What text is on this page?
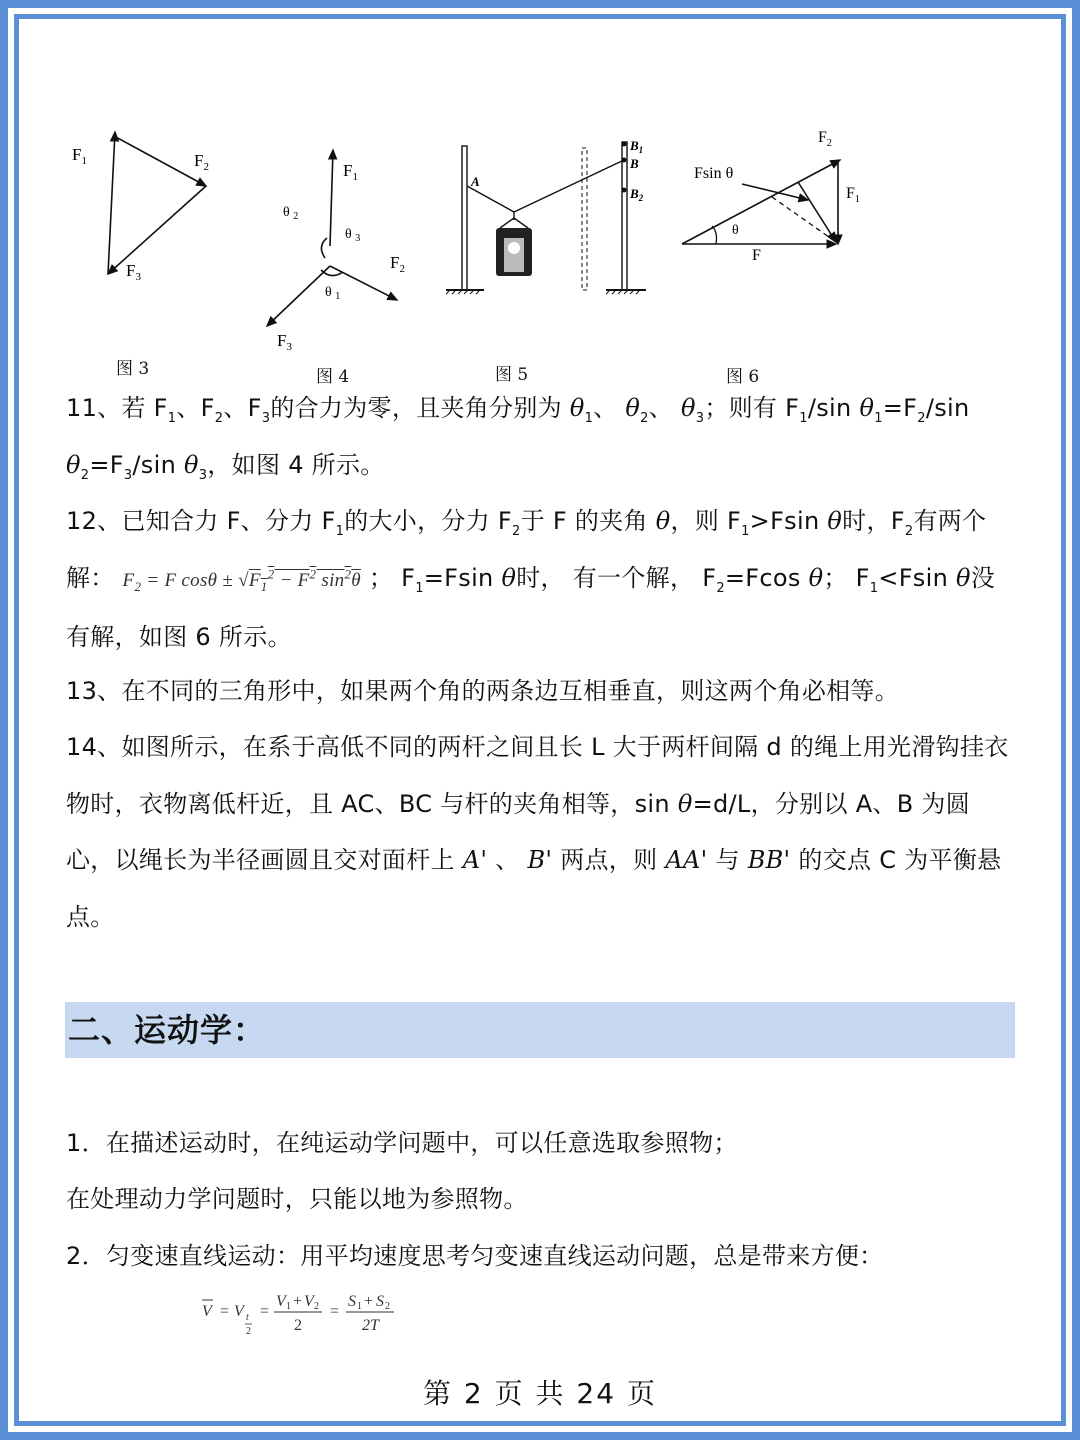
$F_1$	$F_2$
$F_3$
图 3
$F_1$
$F_2$
$F_3$
θ $_2$
θ $_3$
θ $_1$
图 4
A
$B_1$
B
$B_2$
图 5
θ
F
$F_1$
$F_2$
Fsin θ
图 6
11、若 $F_1$、$F_2$、$F_3$的合力为零，且夹角分别为 $\theta_1$、 $\theta_2$、 $\theta_3$；则有 $F_1/\sin$ $\theta_1=F_2/\sin$ $\theta_2=F_3/\sin$ $\theta_3$，如图 4 所示。
12、已知合力 F、分力 $F_1$的大小，分力 $F_2$于 F 的夹角 θ，则 $F_1>Fsin$ θ时，$F_2$有两个解： $F_2 = F$ $\cos\theta \pm √F_1^2 - F^2$ $\sin^2\theta$ ； $F_1=Fsin$ θ时， 有一个解， $F_2=Fcos$ θ； $F_1<Fsin$ θ没有解，如图 6 所示。
13、在不同的三角形中，如果两个角的两条边互相垂直，则这两个角必相等。
14、如图所示，在系于高低不同的两杆之间且长 L 大于两杆间隔 d 的绳上用光滑钩挂衣物时，衣物离低杆近，且 AC、BC 与杆的夹角相等，sin θ=d/L，分别以 A、B 为圆心，以绳长为半径画圆且交对面杆上 A' 、 B' 两点，则 AA' 与 BB' 的交点 C 为平衡悬点。
二、运动学：
1．在描述运动时，在纯运动学问题中，可以任意选取参照物；
在处理动力学问题时，只能以地为参照物。
2．匀变速直线运动：用平均速度思考匀变速直线运动问题，总是带来方便：
V = V t
2
=
V 1 + V 2
2
=
S 1 + S 2
2T
第 2 页 共 24 页
